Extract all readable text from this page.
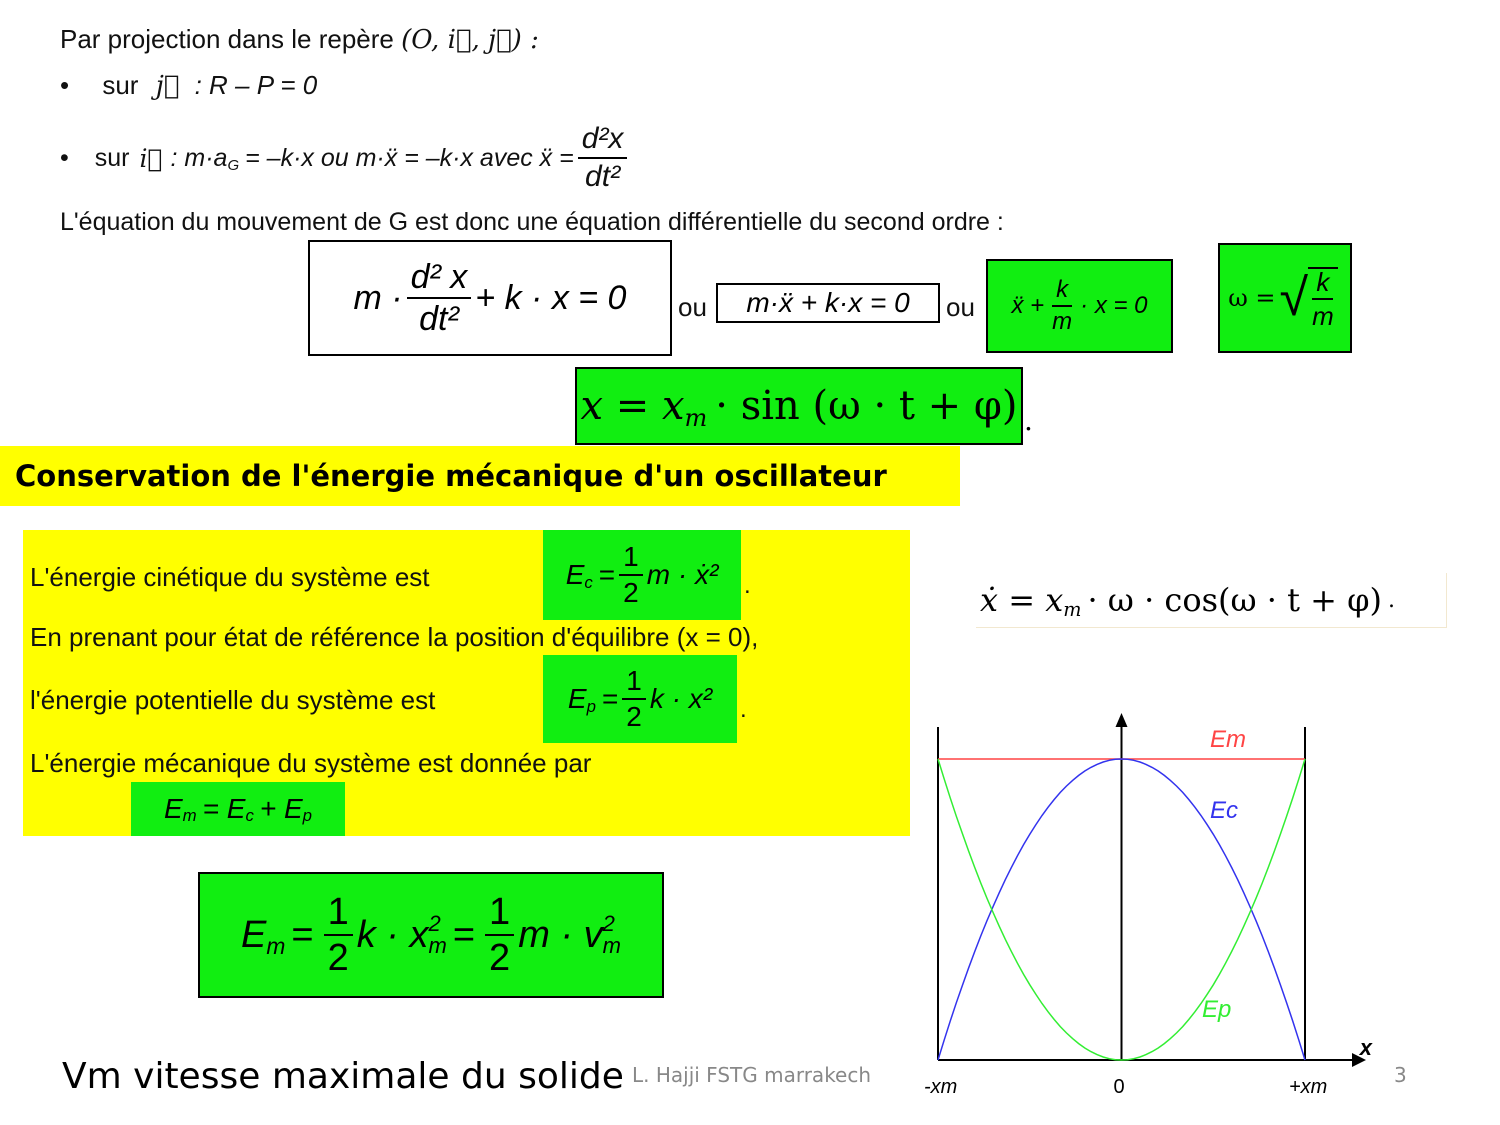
Par projection dans le repère (O, i⃗, j⃗) :
• sur j⃗ : R – P = 0
• sur i⃗ : $m\cdot a_G = -k\cdot x$ ou m·ẍ = –k·x avec ẍ = $\frac{\text{d²x}}{\text{dt²}}$
L'équation du mouvement de G est donc une équation différentielle du second ordre :
$m \cdot \frac{\text{d² x}}{\text{dt²}} + k \cdot x = 0$ ou	m·ẍ + k·x = 0	ou ẍ + $\frac{k}{m} \cdot x = 0$	ω = √ $\frac{k}{m}$
$x = x_m \cdot \sin (\omega \cdot t + \varphi)$ .
Conservation de l'énergie mécanique d'un oscillateur
L'énergie cinétique du système est	$E_c = \frac{1}{2}$ m · ẋ² .
En prenant pour état de référence la position d'équilibre (x = 0),
l'énergie potentielle du système est	$E_p = \frac{1}{2}$ k · x² .
L'énergie mécanique du système est donnée par
$E_m = E_c + E_p$
ẋ = $x_m \cdot \omega \cdot \cos(\omega \cdot t + \varphi)$ .
$E_m = \frac{1}{2}$ k · x 2
$m = \frac{1}{2}$ m · v 2
m
Vm vitesse maximale du solide L. Hajji FSTG marrakech	3
Em
Ec
Ep
-xm	0	+xm
x
